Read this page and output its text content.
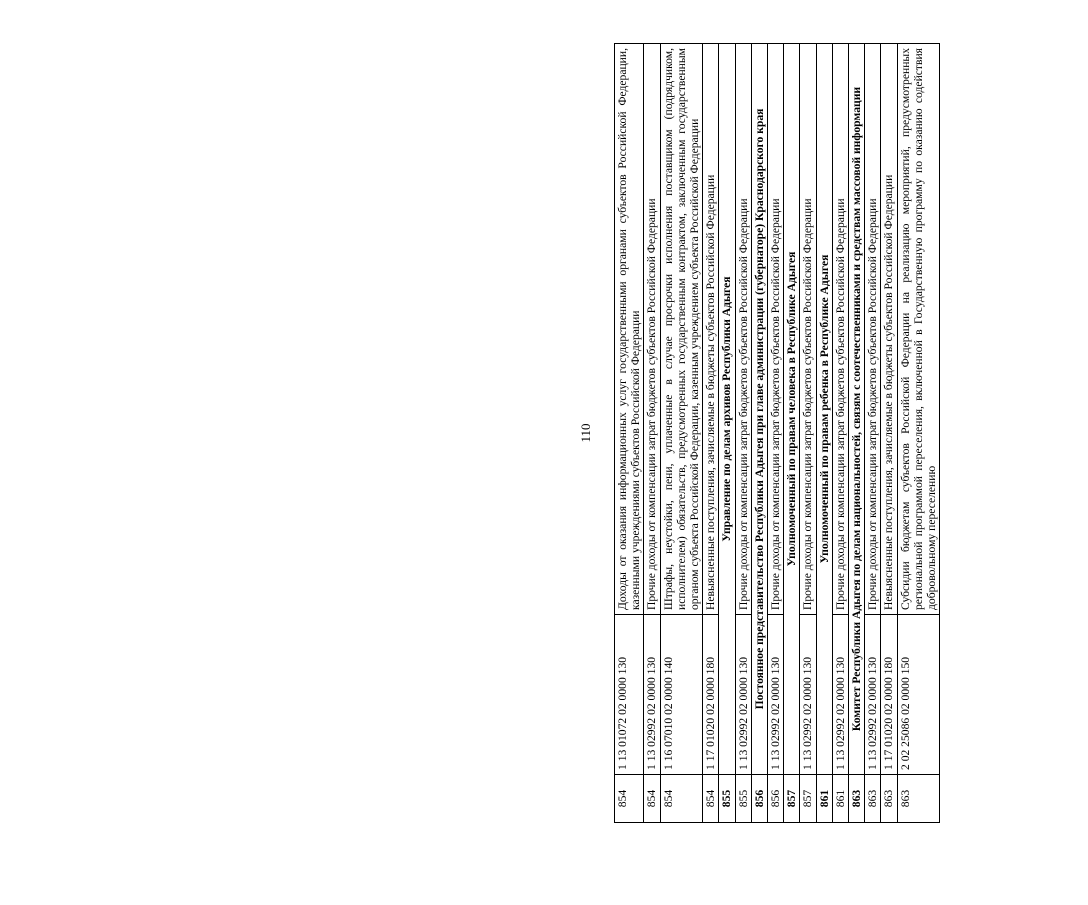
110
854	1 13 01072 02 0000 130	Доходы от оказания информационных услуг государственными органами субъектов Российской Федерации, казенными учреждениями субъектов Российской Федерации
854	1 13 02992 02 0000 130	Прочие доходы от компенсации затрат бюджетов субъектов Российской Федерации
854	1 16 07010 02 0000 140	Штрафы, неустойки, пени, уплаченные в случае просрочки исполнения поставщиком (подрядчиком, исполнителем) обязательств, предусмотренных государственным контрактом, заключенным государственным органом субъекта Российской Федерации, казенным учреждением субъекта Российской Федерации
854	1 17 01020 02 0000 180	Невыясненные поступления, зачисляемые в бюджеты субъектов Российской Федерации
855	Управление по делам архивов Республики Адыгея	
855	1 13 02992 02 0000 130	Прочие доходы от компенсации затрат бюджетов субъектов Российской Федерации
856	Постоянное представительство Республики Адыгея при главе администрации (губернаторе) Краснодарского края	
856	1 13 02992 02 0000 130	Прочие доходы от компенсации затрат бюджетов субъектов Российской Федерации
857	Уполномоченный по правам человека в Республике Адыгея	
857	1 13 02992 02 0000 130	Прочие доходы от компенсации затрат бюджетов субъектов Российской Федерации
861	Уполномоченный по правам ребенка в Республике Адыгея	
861	1 13 02992 02 0000 130	Прочие доходы от компенсации затрат бюджетов субъектов Российской Федерации
863	Комитет Республики Адыгея по делам национальностей, связям с соотечественниками и средствам массовой информации	
863	1 13 02992 02 0000 130	Прочие доходы от компенсации затрат бюджетов субъектов Российской Федерации
863	1 17 01020 02 0000 180	Невыясненные поступления, зачисляемые в бюджеты субъектов Российской Федерации
863	2 02 25086 02 0000 150	Субсидии бюджетам субъектов Российской Федерации на реализацию мероприятий, предусмотренных региональной программой переселения, включенной в Государственную программу по оказанию содействия добровольному переселению
